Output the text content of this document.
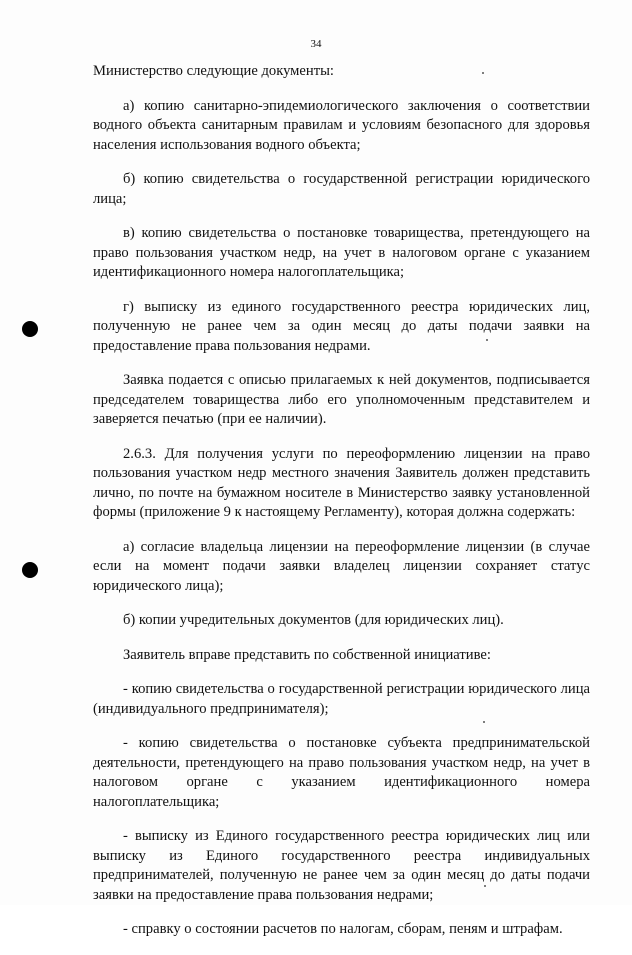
34

Министерство следующие документы:

а) копию санитарно-эпидемиологического заключения о соответствии водного объекта санитарным правилам и условиям безопасного для здоровья населения использования водного объекта;

б) копию свидетельства о государственной регистрации юридического лица;

в) копию свидетельства о постановке товарищества, претендующего на право пользования участком недр, на учет в налоговом органе с указанием идентификационного номера налогоплательщика;

г) выписку из единого государственного реестра юридических лиц, полученную не ранее чем за один месяц до даты подачи заявки на предоставление права пользования недрами.

Заявка подается с описью прилагаемых к ней документов, подписывается председателем товарищества либо его уполномоченным представителем и заверяется печатью (при ее наличии).

2.6.3. Для получения услуги по переоформлению лицензии на право пользования участком недр местного значения Заявитель должен представить лично, по почте на бумажном носителе в Министерство заявку установленной формы (приложение 9 к настоящему Регламенту), которая должна содержать:

а) согласие владельца лицензии на переоформление лицензии (в случае если на момент подачи заявки владелец лицензии сохраняет статус юридического лица);

б) копии учредительных документов (для юридических лиц).

Заявитель вправе представить по собственной инициативе:

- копию свидетельства о государственной регистрации юридического лица (индивидуального предпринимателя);

- копию свидетельства о постановке субъекта предпринимательской деятельности, претендующего на право пользования участком недр, на учет в налоговом органе с указанием идентификационного номера налогоплательщика;

- выписку из Единого государственного реестра юридических лиц или выписку из Единого государственного реестра индивидуальных предпринимателей, полученную не ранее чем за один месяц до даты подачи заявки на предоставление права пользования недрами;

- справку о состоянии расчетов по налогам, сборам, пеням и штрафам.
